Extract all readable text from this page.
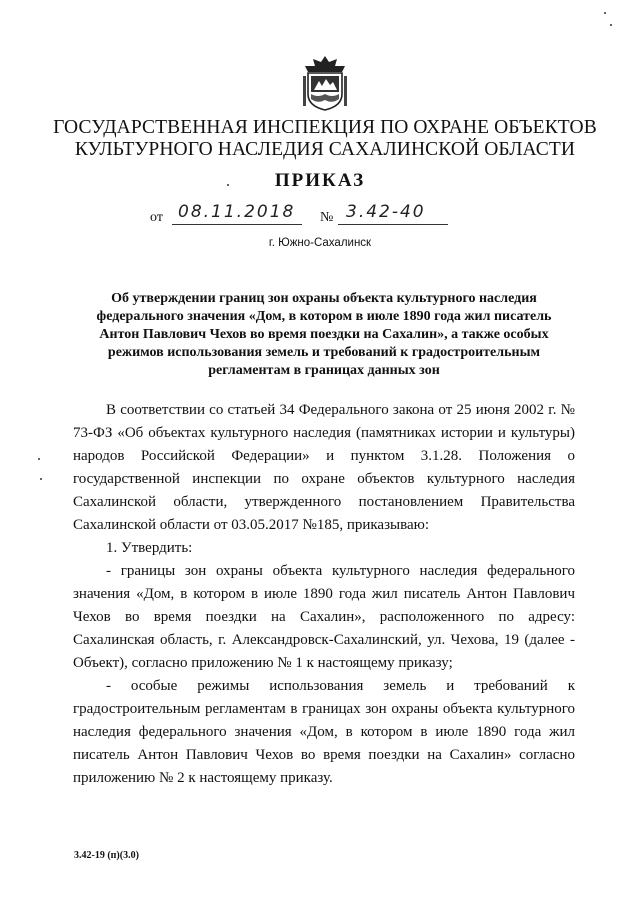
ГОСУДАРСТВЕННАЯ ИНСПЕКЦИЯ ПО ОХРАНЕ ОБЪЕКТОВ
КУЛЬТУРНОГО НАСЛЕДИЯ САХАЛИНСКОЙ ОБЛАСТИ
ПРИКАЗ
от 08.11.2018 № 3.42-40
г. Южно-Сахалинск
Об утверждении границ зон охраны объекта культурного наследия
федерального значения «Дом, в котором в июле 1890 года жил писатель
Антон Павлович Чехов во время поездки на Сахалин», а также особых
режимов использования земель и требований к градостроительным
регламентам в границах данных зон

В соответствии со статьей 34 Федерального закона от 25 июня 2002 г. № 73-ФЗ «Об объектах культурного наследия (памятниках истории и культуры) народов Российской Федерации» и пунктом 3.1.28. Положения о государственной инспекции по охране объектов культурного наследия Сахалинской области, утвержденного постановлением Правительства Сахалинской области от 03.05.2017 №185, приказываю:

1. Утвердить:

- границы зон охраны объекта культурного наследия федерального значения «Дом, в котором в июле 1890 года жил писатель Антон Павлович Чехов во время поездки на Сахалин», расположенного по адресу: Сахалинская область, г. Александровск-Сахалинский, ул. Чехова, 19 (далее - Объект), согласно приложению № 1 к настоящему приказу;

- особые режимы использования земель и требований к градостроительным регламентам в границах зон охраны объекта культурного наследия федерального значения «Дом, в котором в июле 1890 года жил писатель Антон Павлович Чехов во время поездки на Сахалин» согласно приложению № 2 к настоящему приказу.

3.42-19 (п)(3.0)
